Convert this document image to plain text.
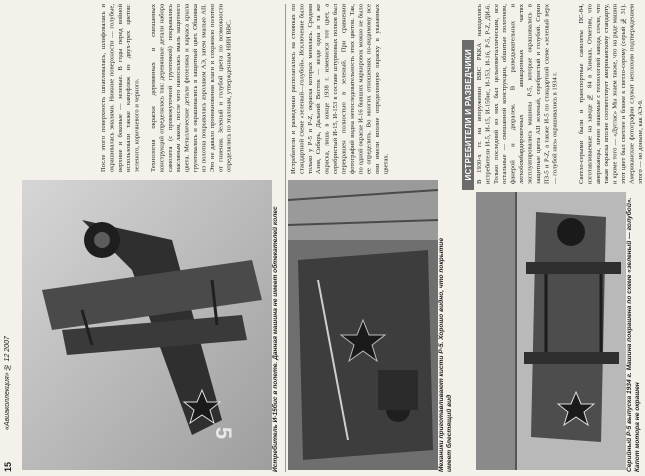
«Авиаколлекция» № 12 2007
15
5	Истребитель И-15бис в полете. Данная машина не имеет обтекателей колес
Технология окраски деревянных и смешанных конструкций определялась так: деревянные детали набора самолета (с промежуточной грунтовкой) покрывались масляным лаком, после чего наносилась эмаль защитного цвета. Металлические детали фюзеляжа и каркаса крыла грунтовались и окрашивались в защитный цвет. Обшивка из полотна покрывалась аэролаком АЭ, затем эмалью АII. Это не давало проникновения влаги и сохраняло полотно от гниения. Зеленый и голубой цвета по возможности определялись по эталонам, утвержденным НИИ ВВС.
После этого поверхность шпатлевалась, шлифовалась и окрашивалась эмалями. Нижние поверхности — голубые, верхние и боковые — зеленые. В годы перед войной использовали также камуфляж из двух-трех цветов: зеленого, коричневого и черного.
Механики приготавливают кисти Р-5. Хорошо видно, что покрытие имеет блестящий вид
Истребители и разведчики располагались на стоянках по стандартной схеме «зеленый—голубой». Исключение было только у Р-5 и Р-Z, окраска которых менялась. Средняя Азия, Сибирь, Дальний Восток — везде одна и та же окраска, лишь в конце 1938 г. изменился тот цвет, а серебристый И-15, И-153 в составе штурмовых полков был перекрашен полностью в зеленый. При сравнении фотографий видна непоследовательность этих цветов. Так, по одной окраске И-16 бывших маркировок можно не было ее определить. Во многих отношениях по-видимому все они имели вполне определенную окраску в указанных цветах.	ИСТРЕБИТЕЛИ И РАЗВЕДЧИКИ В 1930-х гг. на вооружении ВВС РККА находились истребители И-5, И-15, И-15бис, И-153, И-16, Р-5, Р-Z, ДИ-6. Только последний из них был цельнометаллическим, все остальные — смешанной конструкции, обшитые полотном, фанерой и дюралем. В разведывательных и легкобомбардировочных авиационных частях эксплуатировались машины Р-5, которые окрашивались в защитные цвета АII зеленый, серебристый и голубой. Серии ПЗ-5 и Р-Z, а также И-5 по стандартной схеме «зеленый верх — голубой низ» окрашивались в 1934 г.	Светло-серыми были и транспортные самолеты ПС-84, изготавливаемые на заводе № 84 в Химках. Отметим, что американцы, лично знакомые с технологией завода, сочли, что такая окраска вполне соответствует американскому стандарту, и кроме того — «Дуглас» Мы знаем также, что на ряде машин этот цвет был светлее и ближе к светло-серому (серый № 31). Американские фотографии служат неплохим подтверждением этого — но доныне, как АЭ-9.
Серийный Р-5 выпуска 1934 г. Машина покрашена по схеме «зеленый — голубой». Капот мотора не окрашен
